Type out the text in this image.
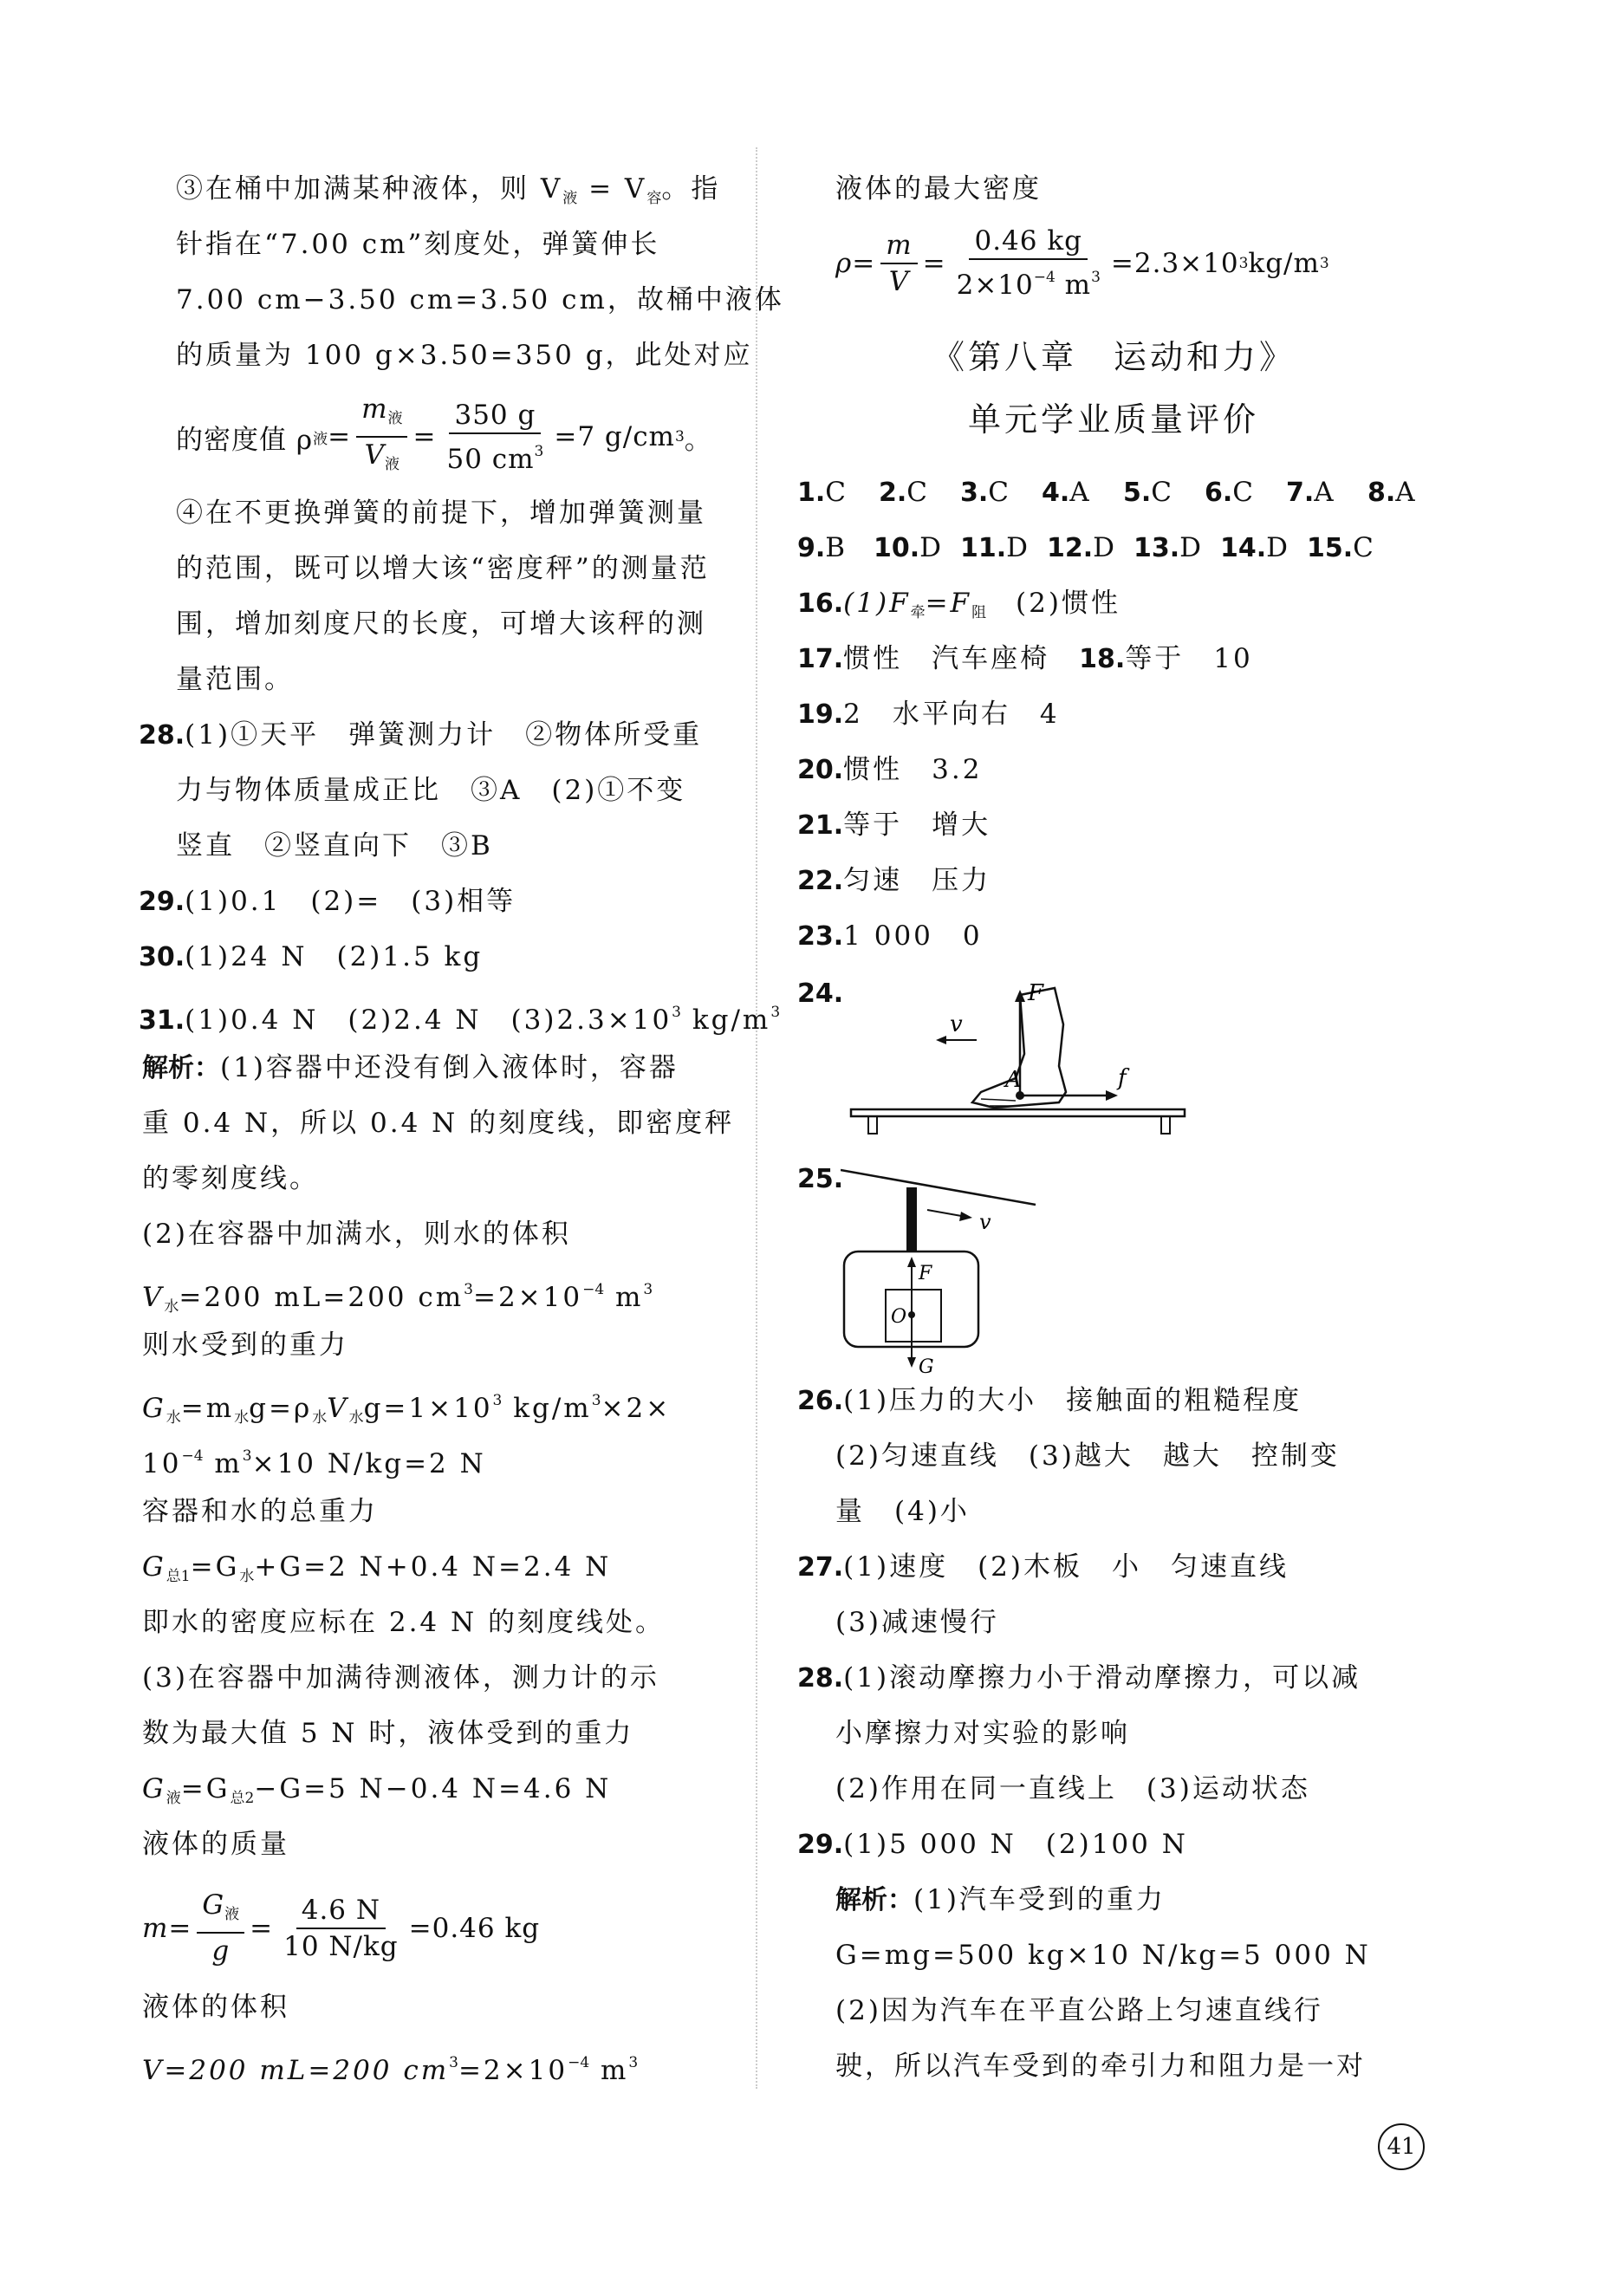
③在桶中加满某种液体，则 $V_液 = V_容$。指
针指在“7.00 cm”刻度处，弹簧伸长
7.00 cm−3.50 cm=3.50 cm，故桶中液体
的质量为 100 g×3.50=350 g，此处对应
的密度值 ρ 液 =
$m_液$
$V_液$
= $\frac{350 g}{50 cm^3} =7$ g/cm 3 。
④在不更换弹簧的前提下，增加弹簧测量
的范围，既可以增大该“密度秤”的测量范
围，增加刻度尺的长度，可增大该秤的测
量范围。
28.(1)①天平　弹簧测力计　②物体所受重
力与物体质量成正比　③A　(2)①不变
竖直　②竖直向下　③B
29.(1)0.1　(2)=　(3)相等
30.(1)24 N　(2)1.5 kg
31.(1)0.4 N　(2)2.4 N　$(3)2.3\times 10^3$ $kg/m^3$
解析：(1)容器中还没有倒入液体时，容器
重 0.4 N，所以 0.4 N 的刻度线，即密度秤
的零刻度线。
(2)在容器中加满水，则水的体积
$V_水=200$ mL=200 $cm^3=2\times 10^{-4}$ $m^3$
则水受到的重力
$G_水=m_水g=\rho_水V_水g=1\times 10^3$ $kg/m^3\times 2\times$
$10^{-4}$ $m^3\times 10$ N/kg=2 N
容器和水的总重力
$G_{总1}=G_水+G=2$ N+0.4 N=2.4 N
即水的密度应标在 2.4 N 的刻度线处。
(3)在容器中加满待测液体，测力计的示
数为最大值 5 N 时，液体受到的重力
$G_液=G_{总2}-G=5$ N−0.4 N=4.6 N
液体的质量
m=
$G_液$
g
= $\frac{4.6 N}{10 N/kg} =0.46$ kg
液体的体积
V=200 mL=200 $cm^3=2\times 10^{-4}$ $m^3$
液体的最大密度
$\rho= \frac{m}{V} = \frac{0.46 kg}{2\times 10^{-4} m^3} =2.3\times 10$ 3 kg/m 3
《第八章　运动和力》
单元学业质量评价
1.C	2.C	3.C	4.A	5.C	6.C	7.A	8.A
9.B 10.D 11.D 12.D 13.D 14.D 15.C
$16.(1)F_牵=F_阻$　(2)惯性
17.惯性　汽车座椅　18.等于　10
19.2　水平向右　4
20.惯性　3.2
21.等于　增大
22.匀速　压力
23.1 000　0
24.
v
F
A	f
25.
v
F
O
G
26.(1)压力的大小　接触面的粗糙程度
(2)匀速直线　(3)越大　越大　控制变
量　(4)小
27.(1)速度　(2)木板　小　匀速直线
(3)减速慢行
28.(1)滚动摩擦力小于滑动摩擦力，可以减
小摩擦力对实验的影响
(2)作用在同一直线上　(3)运动状态
29.(1)5 000 N　(2)100 N
解析：(1)汽车受到的重力
G=mg=500 kg×10 N/kg=5 000 N
(2)因为汽车在平直公路上匀速直线行
驶，所以汽车受到的牵引力和阻力是一对
41
